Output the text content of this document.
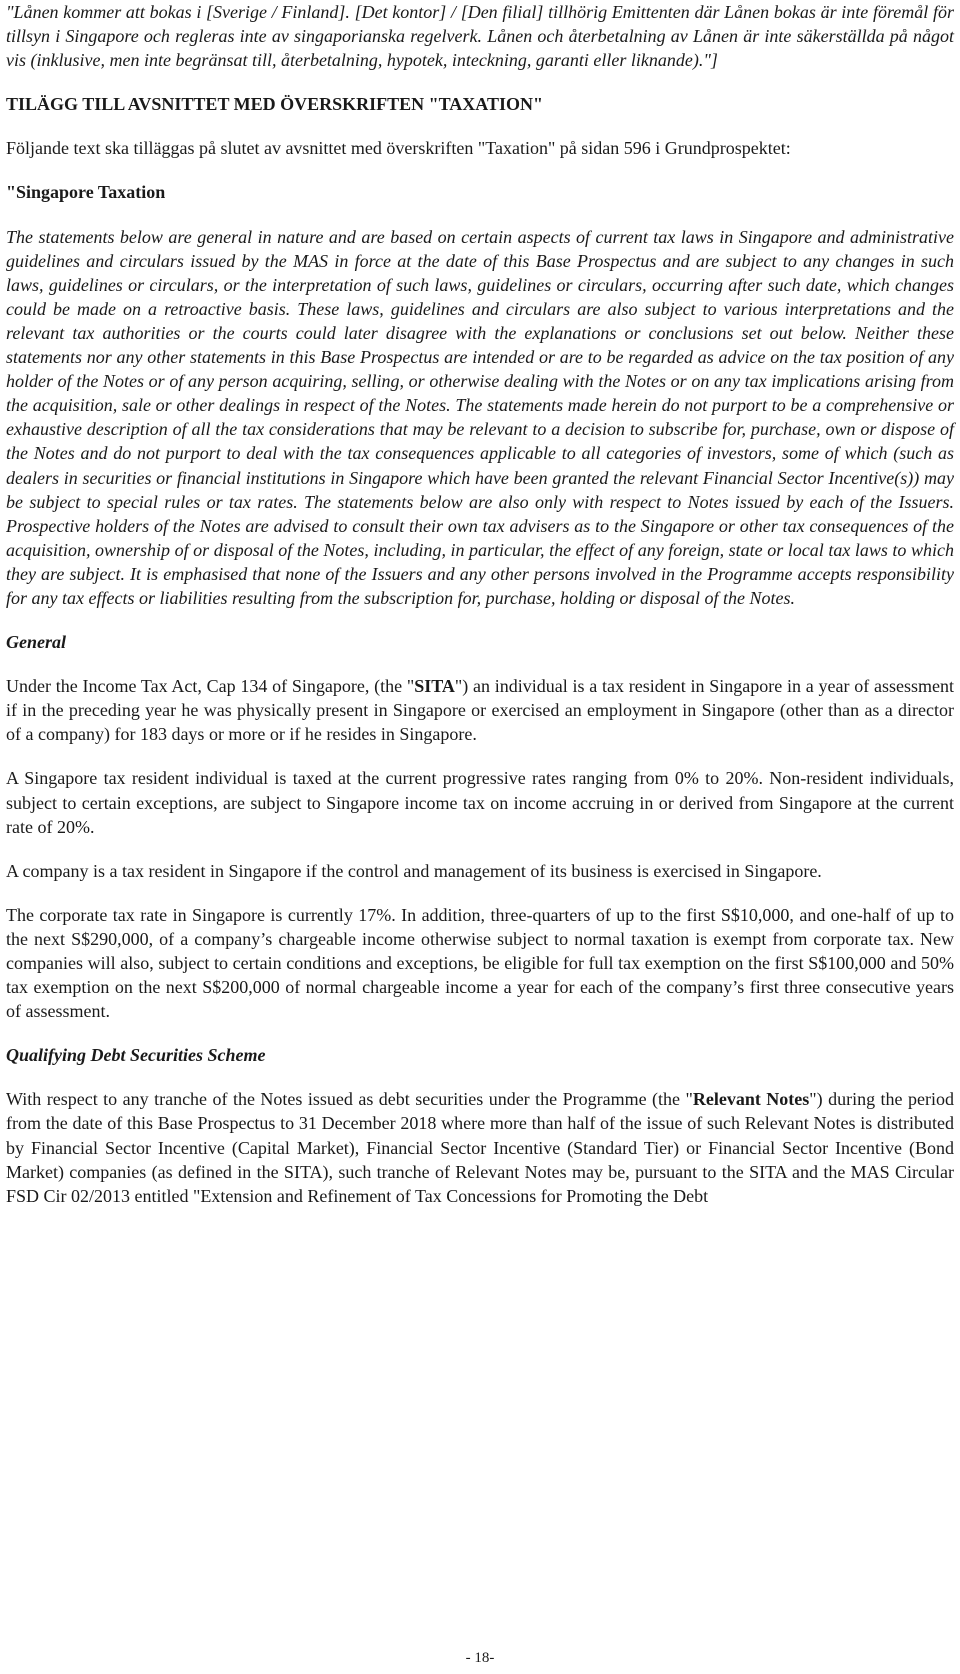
"Lånen kommer att bokas i [Sverige / Finland]. [Det kontor] / [Den filial] tillhörig Emittenten där Lånen bokas är inte föremål för tillsyn i Singapore och regleras inte av singaporianska regelverk. Lånen och återbetalning av Lånen är inte säkerställda på något vis (inklusive, men inte begränsat till, återbetalning, hypotek, inteckning, garanti eller liknande)."]

TILÄGG TILL AVSNITTET MED ÖVERSKRIFTEN "TAXATION"

Följande text ska tilläggas på slutet av avsnittet med överskriften "Taxation" på sidan 596 i Grundprospektet:

"Singapore Taxation

The statements below are general in nature and are based on certain aspects of current tax laws in Singapore and administrative guidelines and circulars issued by the MAS in force at the date of this Base Prospectus and are subject to any changes in such laws, guidelines or circulars, or the interpretation of such laws, guidelines or circulars, occurring after such date, which changes could be made on a retroactive basis. These laws, guidelines and circulars are also subject to various interpretations and the relevant tax authorities or the courts could later disagree with the explanations or conclusions set out below. Neither these statements nor any other statements in this Base Prospectus are intended or are to be regarded as advice on the tax position of any holder of the Notes or of any person acquiring, selling, or otherwise dealing with the Notes or on any tax implications arising from the acquisition, sale or other dealings in respect of the Notes. The statements made herein do not purport to be a comprehensive or exhaustive description of all the tax considerations that may be relevant to a decision to subscribe for, purchase, own or dispose of the Notes and do not purport to deal with the tax consequences applicable to all categories of investors, some of which (such as dealers in securities or financial institutions in Singapore which have been granted the relevant Financial Sector Incentive(s)) may be subject to special rules or tax rates. The statements below are also only with respect to Notes issued by each of the Issuers. Prospective holders of the Notes are advised to consult their own tax advisers as to the Singapore or other tax consequences of the acquisition, ownership of or disposal of the Notes, including, in particular, the effect of any foreign, state or local tax laws to which they are subject. It is emphasised that none of the Issuers and any other persons involved in the Programme accepts responsibility for any tax effects or liabilities resulting from the subscription for, purchase, holding or disposal of the Notes.

General

Under the Income Tax Act, Cap 134 of Singapore, (the "SITA") an individual is a tax resident in Singapore in a year of assessment if in the preceding year he was physically present in Singapore or exercised an employment in Singapore (other than as a director of a company) for 183 days or more or if he resides in Singapore.

A Singapore tax resident individual is taxed at the current progressive rates ranging from 0% to 20%. Non-resident individuals, subject to certain exceptions, are subject to Singapore income tax on income accruing in or derived from Singapore at the current rate of 20%.

A company is a tax resident in Singapore if the control and management of its business is exercised in Singapore.

The corporate tax rate in Singapore is currently 17%. In addition, three-quarters of up to the first S$10,000, and one-half of up to the next S$290,000, of a company’s chargeable income otherwise subject to normal taxation is exempt from corporate tax. New companies will also, subject to certain conditions and exceptions, be eligible for full tax exemption on the first S$100,000 and 50% tax exemption on the next S$200,000 of normal chargeable income a year for each of the company’s first three consecutive years of assessment.

Qualifying Debt Securities Scheme

With respect to any tranche of the Notes issued as debt securities under the Programme (the "Relevant Notes") during the period from the date of this Base Prospectus to 31 December 2018 where more than half of the issue of such Relevant Notes is distributed by Financial Sector Incentive (Capital Market), Financial Sector Incentive (Standard Tier) or Financial Sector Incentive (Bond Market) companies (as defined in the SITA), such tranche of Relevant Notes may be, pursuant to the SITA and the MAS Circular FSD Cir 02/2013 entitled "Extension and Refinement of Tax Concessions for Promoting the Debt

- 18-
